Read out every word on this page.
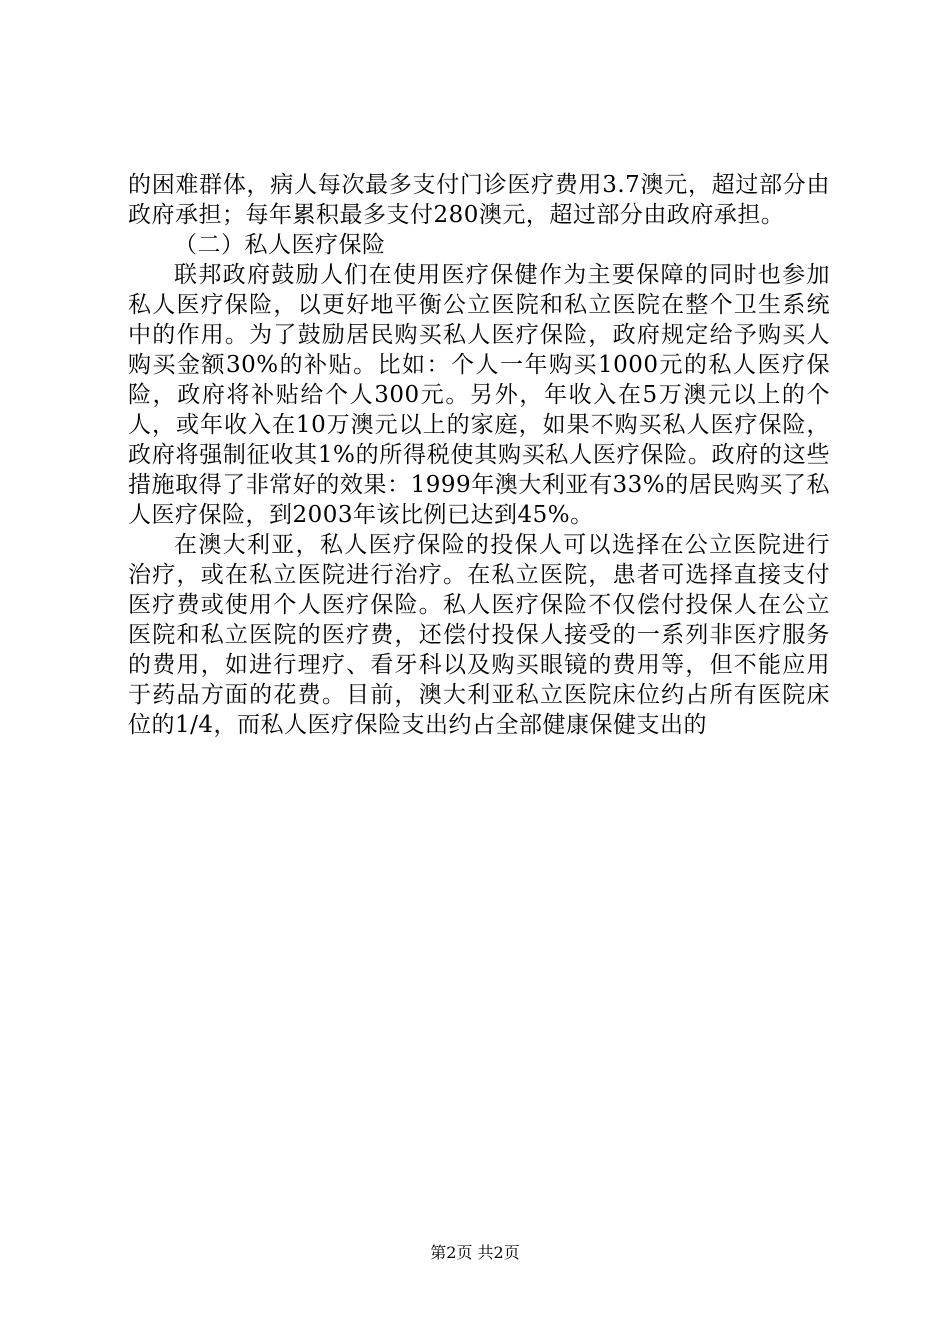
的困难群体，病人每次最多支付门诊医疗费用3.7澳元，超过部分由政府承担；每年累积最多支付280澳元，超过部分由政府承担。

（二）私人医疗保险

联邦政府鼓励人们在使用医疗保健作为主要保障的同时也参加私人医疗保险，以更好地平衡公立医院和私立医院在整个卫生系统中的作用。为了鼓励居民购买私人医疗保险，政府规定给予购买人购买金额30%的补贴。比如：个人一年购买1000元的私人医疗保险，政府将补贴给个人300元。另外，年收入在5万澳元以上的个人，或年收入在10万澳元以上的家庭，如果不购买私人医疗保险，政府将强制征收其1%的所得税使其购买私人医疗保险。政府的这些措施取得了非常好的效果：1999年澳大利亚有33%的居民购买了私人医疗保险，到2003年该比例已达到45%。

在澳大利亚，私人医疗保险的投保人可以选择在公立医院进行治疗，或在私立医院进行治疗。在私立医院，患者可选择直接支付医疗费或使用个人医疗保险。私人医疗保险不仅偿付投保人在公立医院和私立医院的医疗费，还偿付投保人接受的一系列非医疗服务的费用，如进行理疗、看牙科以及购买眼镜的费用等，但不能应用于药品方面的花费。目前，澳大利亚私立医院床位约占所有医院床位的1/4，而私人医疗保险支出约占全部健康保健支出的

第2页 共2页
